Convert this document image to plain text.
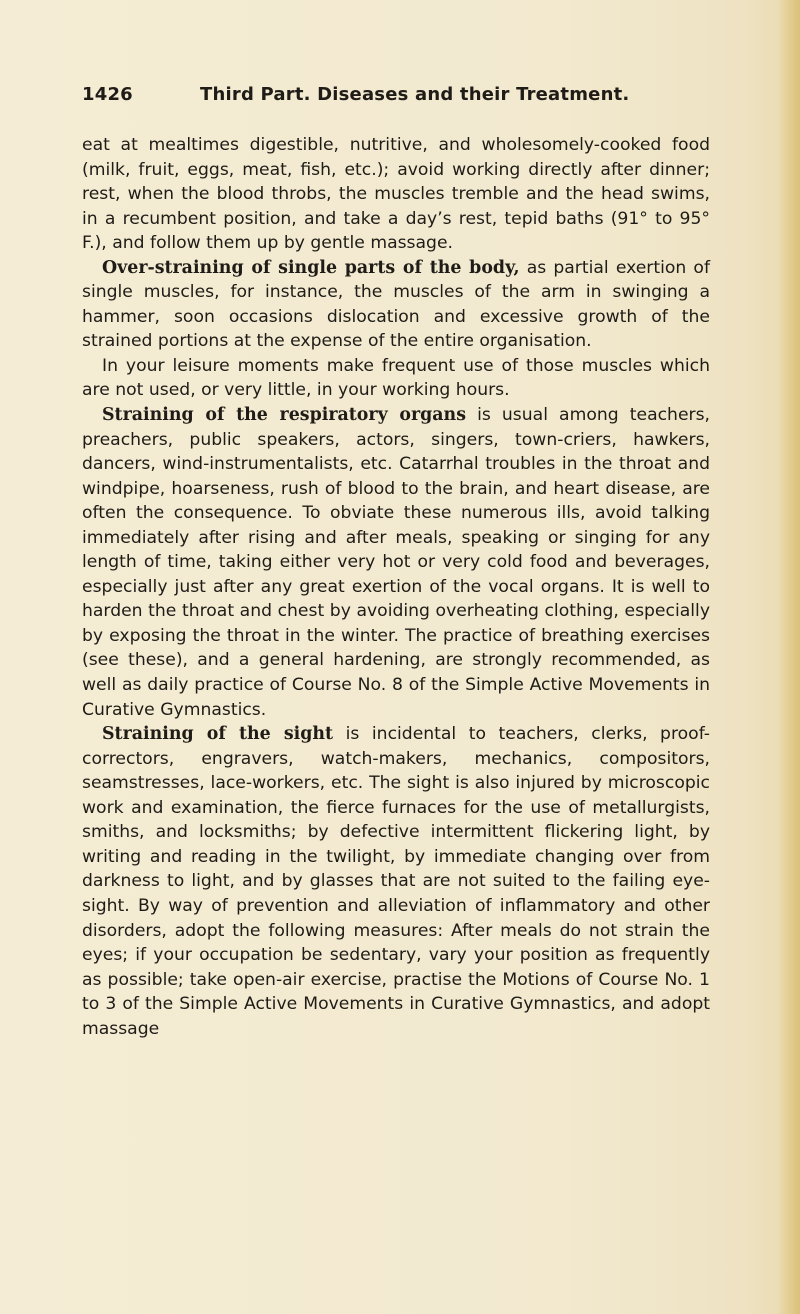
1426	Third Part. Diseases and their Treatment.

eat at mealtimes digestible, nutritive, and wholesomely-cooked food (milk, fruit, eggs, meat, fish, etc.); avoid working directly after dinner; rest, when the blood throbs, the muscles tremble and the head swims, in a recumbent position, and take a day’s rest, tepid baths (91° to 95° F.), and follow them up by gentle massage.

Over-straining of single parts of the body, as partial exertion of single muscles, for instance, the muscles of the arm in swinging a hammer, soon occasions dislocation and excessive growth of the strained portions at the expense of the entire organisation.

In your leisure moments make frequent use of those muscles which are not used, or very little, in your working hours.

Straining of the respiratory organs is usual among teachers, preachers, public speakers, actors, singers, town-criers, hawkers, dancers, wind-instrumentalists, etc. Catarrhal troubles in the throat and windpipe, hoarseness, rush of blood to the brain, and heart disease, are often the consequence. To obviate these numerous ills, avoid talking immediately after rising and after meals, speaking or singing for any length of time, taking either very hot or very cold food and beverages, especially just after any great exertion of the vocal organs. It is well to harden the throat and chest by avoiding overheating clothing, especially by exposing the throat in the winter. The practice of breathing exercises (see these), and a general hardening, are strongly recommended, as well as daily practice of Course No. 8 of the Simple Active Movements in Curative Gymnastics.

Straining of the sight is incidental to teachers, clerks, proof-correctors, engravers, watch-makers, mechanics, compositors, seamstresses, lace-workers, etc. The sight is also injured by microscopic work and examination, the fierce furnaces for the use of metallurgists, smiths, and locksmiths; by defective intermittent flickering light, by writing and reading in the twilight, by immediate changing over from darkness to light, and by glasses that are not suited to the failing eyesight. By way of prevention and alleviation of inflammatory and other disorders, adopt the following measures: After meals do not strain the eyes; if your occupation be sedentary, vary your position as frequently as possible; take open-air exercise, practise the Motions of Course No. 1 to 3 of the Simple Active Movements in Curative Gymnastics, and adopt massage
